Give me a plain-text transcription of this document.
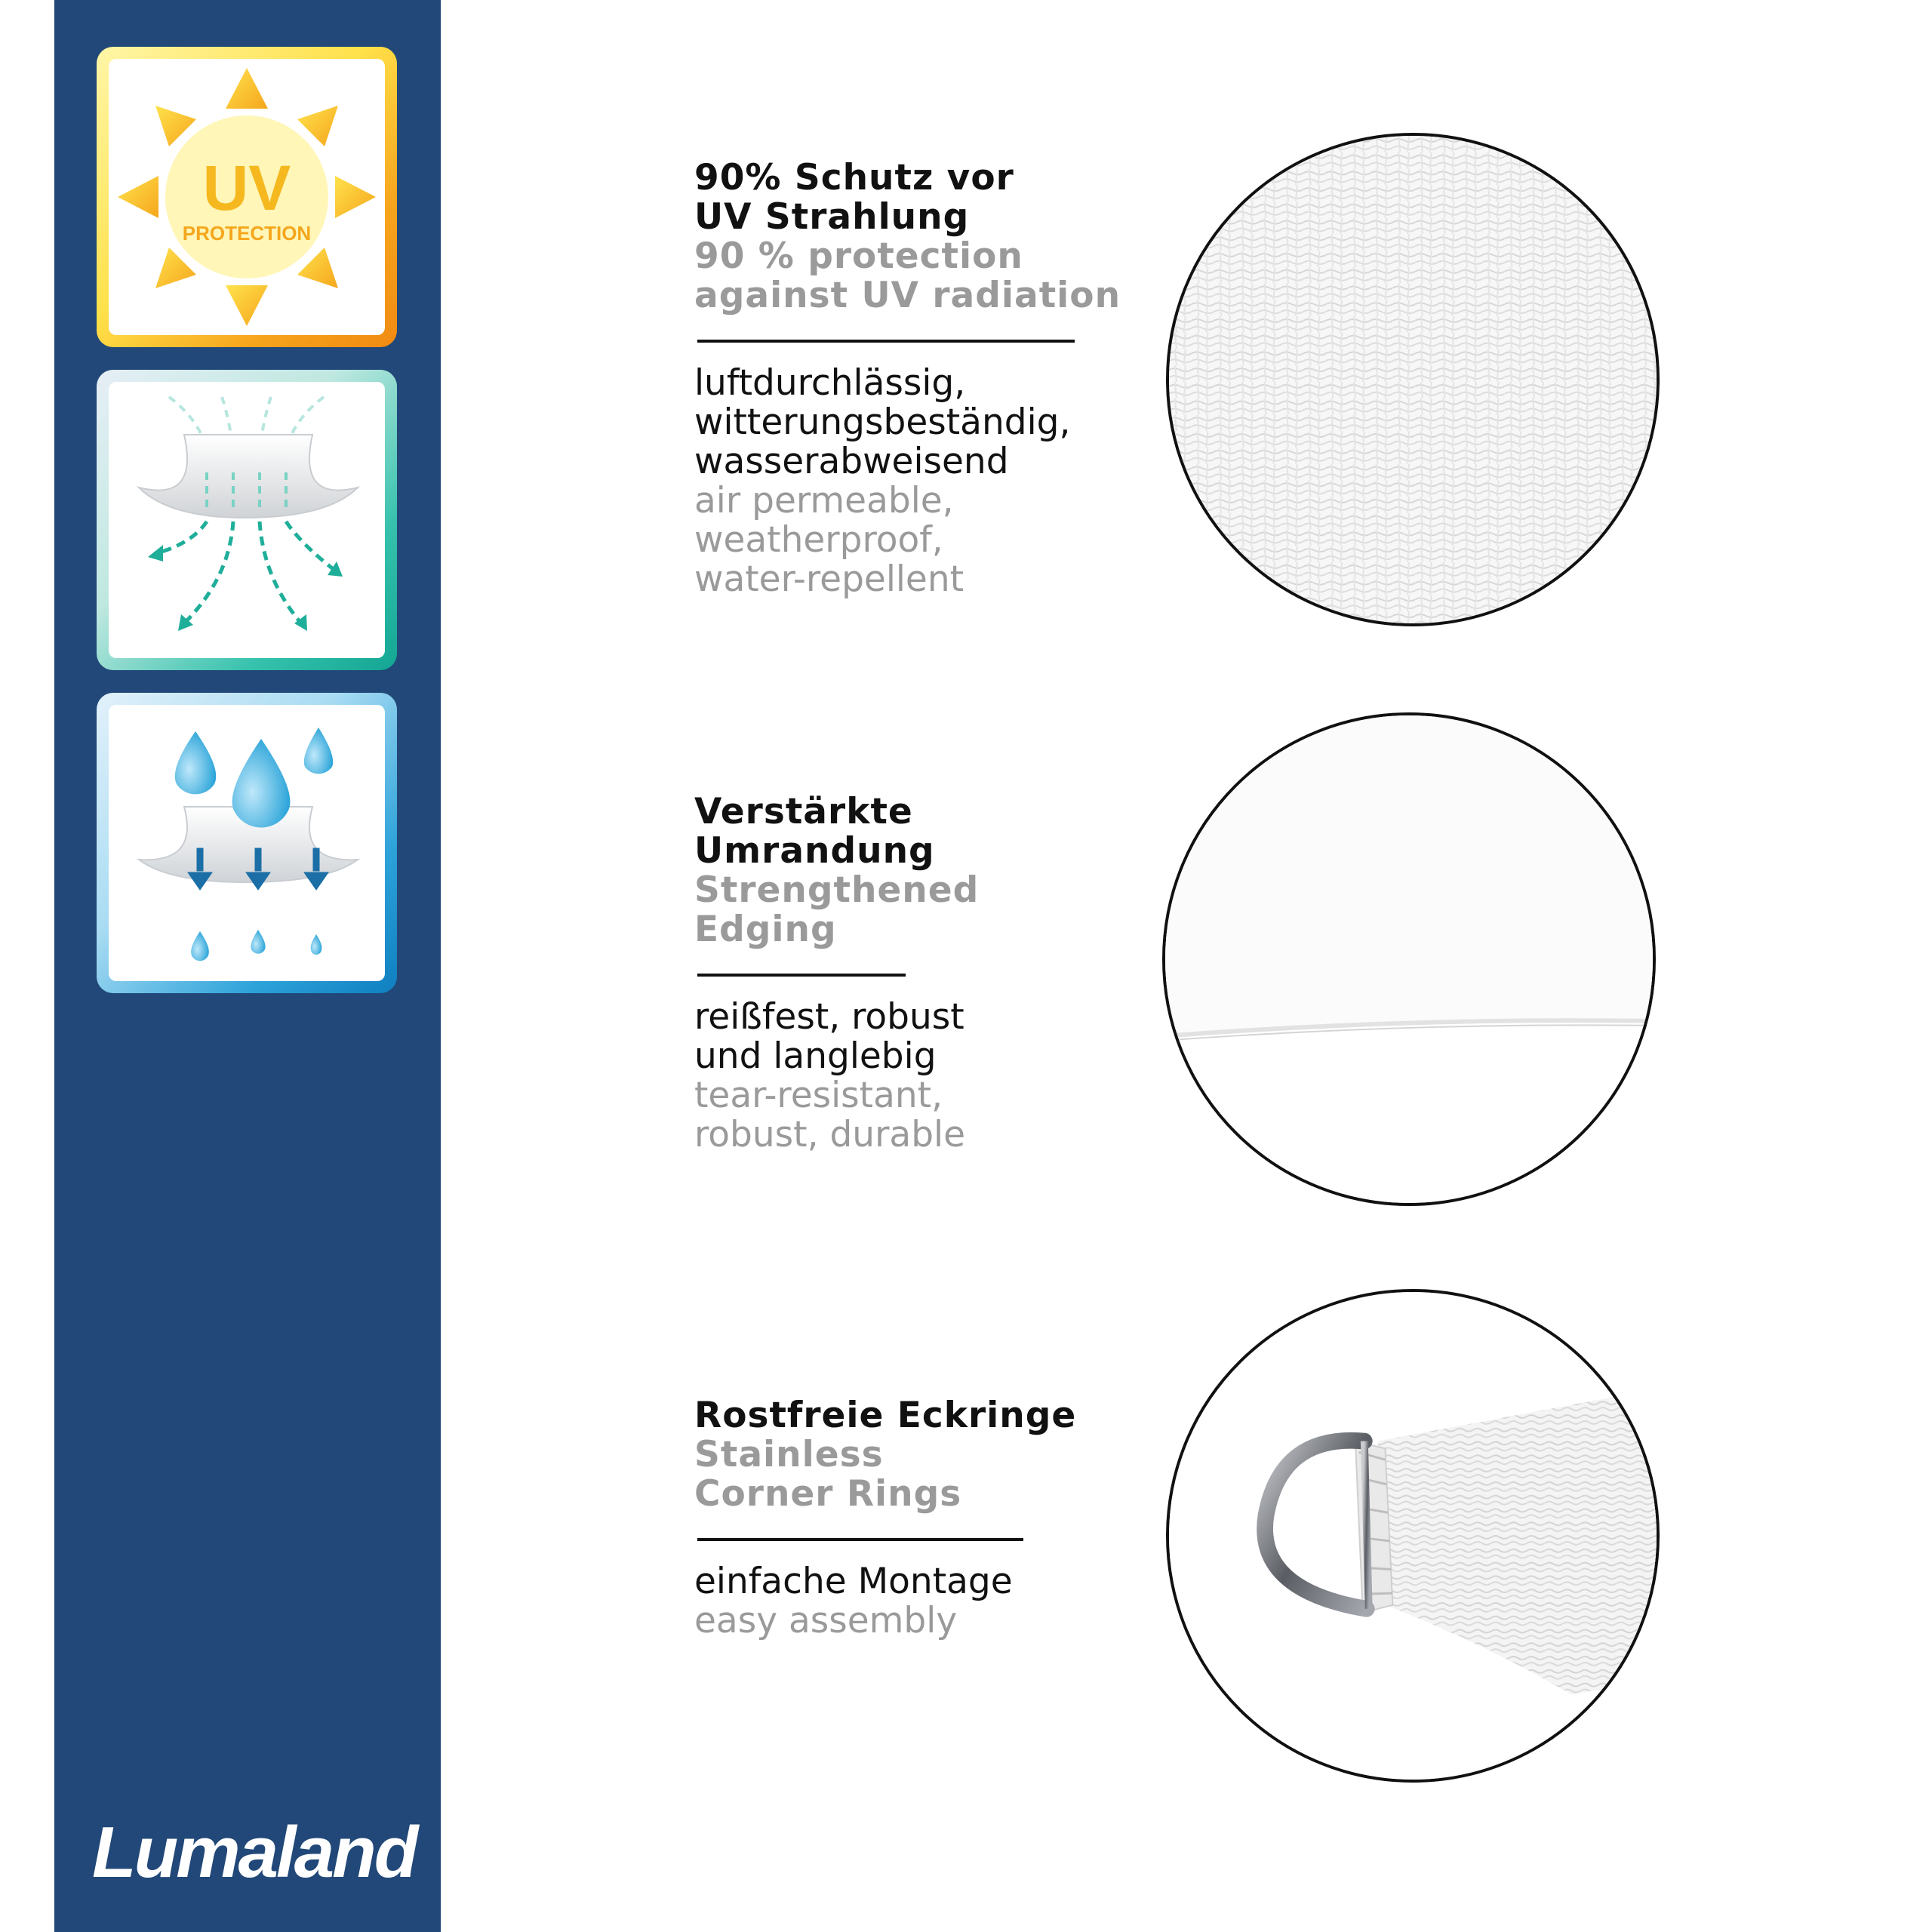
UV
PROTECTION
Lumaland
90% Schutz vor
UV Strahlung
90 % protection
against UV radiation
luftdurchlässig,
witterungsbeständig,
wasserabweisend
air permeable,
weatherproof,
water-repellent
Verstärkte
Umrandung
Strengthened
Edging
reißfest, robust
und langlebig
tear-resistant,
robust, durable
Rostfreie Eckringe
Stainless
Corner Rings
einfache Montage
easy assembly
